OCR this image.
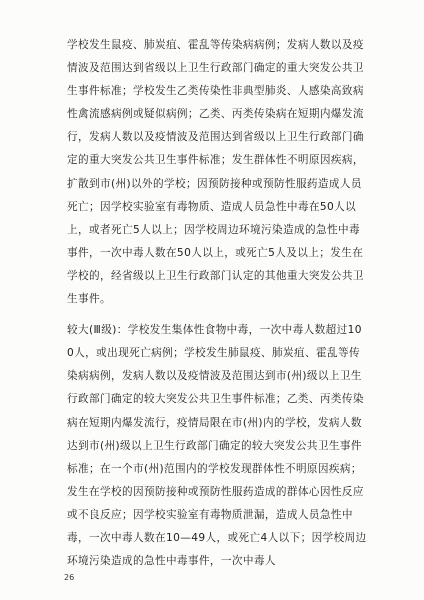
学校发生鼠疫、肺炭疽、霍乱等传染病病例；发病人数以及疫情波及范围达到省级以上卫生行政部门确定的重大突发公共卫生事件标准；学校发生乙类传染性非典型肺炎、人感染高致病性禽流感病例或疑似病例；乙类、丙类传染病在短期内爆发流行，发病人数以及疫情波及范围达到省级以上卫生行政部门确定的重大突发公共卫生事件标准；发生群体性不明原因疾病，扩散到市(州)以外的学校；因预防接种或预防性服药造成人员死亡；因学校实验室有毒物质、造成人员急性中毒在50人以上，或者死亡5人以上；因学校周边环境污染造成的急性中毒事件，一次中毒人数在50人以上，或死亡5人及以上；发生在学校的，经省级以上卫生行政部门认定的其他重大突发公共卫生事件。

较大(Ⅲ级)：学校发生集体性食物中毒，一次中毒人数超过100人，或出现死亡病例；学校发生肺鼠疫、肺炭疽、霍乱等传染病病例，发病人数以及疫情波及范围达到市(州)级以上卫生行政部门确定的较大突发公共卫生事件标准；乙类、丙类传染病在短期内爆发流行，疫情局限在市(州)内的学校，发病人数达到市(州)级以上卫生行政部门确定的较大突发公共卫生事件标准；在一个市(州)范围内的学校发现群体性不明原因疾病；发生在学校的因预防接种或预防性服药造成的群体心因性反应或不良反应；因学校实验室有毒物质泄漏，造成人员急性中毒，一次中毒人数在10—49人，或死亡4人以下；因学校周边环境污染造成的急性中毒事件，一次中毒人

26
